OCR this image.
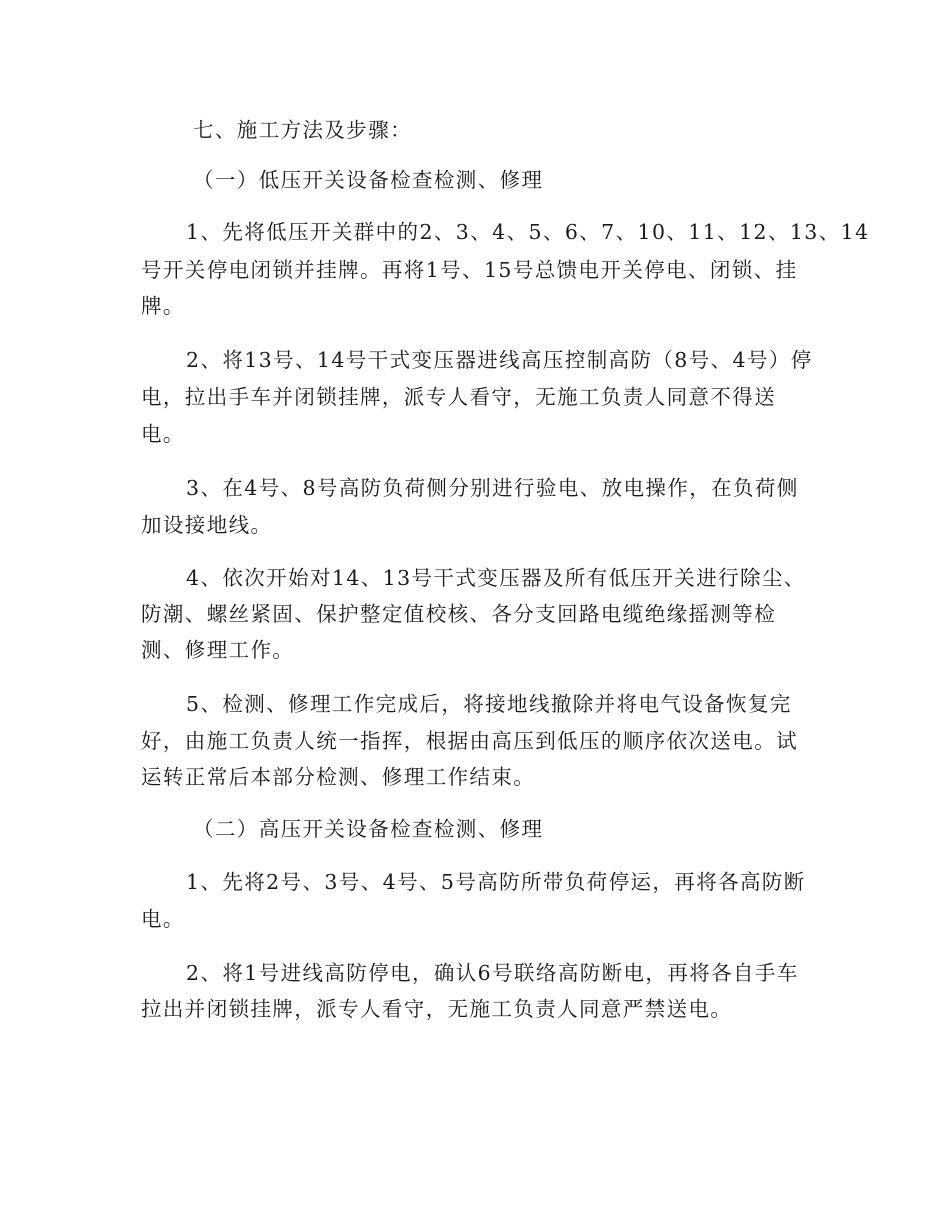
七、施工方法及步骤：
（一）低压开关设备检查检测、修理
1、先将低压开关群中的2、3、4、5、6、7、10、11、12、13、14
号开关停电闭锁并挂牌。再将1号、15号总馈电开关停电、闭锁、挂
牌。
2、将13号、14号干式变压器进线高压控制高防（8号、4号）停
电，拉出手车并闭锁挂牌，派专人看守，无施工负责人同意不得送
电。
3、在4号、8号高防负荷侧分别进行验电、放电操作，在负荷侧
加设接地线。
4、依次开始对14、13号干式变压器及所有低压开关进行除尘、
防潮、螺丝紧固、保护整定值校核、各分支回路电缆绝缘摇测等检
测、修理工作。
5、检测、修理工作完成后，将接地线撤除并将电气设备恢复完
好，由施工负责人统一指挥，根据由高压到低压的顺序依次送电。试
运转正常后本部分检测、修理工作结束。
（二）高压开关设备检查检测、修理
1、先将2号、3号、4号、5号高防所带负荷停运，再将各高防断
电。
2、将1号进线高防停电，确认6号联络高防断电，再将各自手车
拉出并闭锁挂牌，派专人看守，无施工负责人同意严禁送电。
